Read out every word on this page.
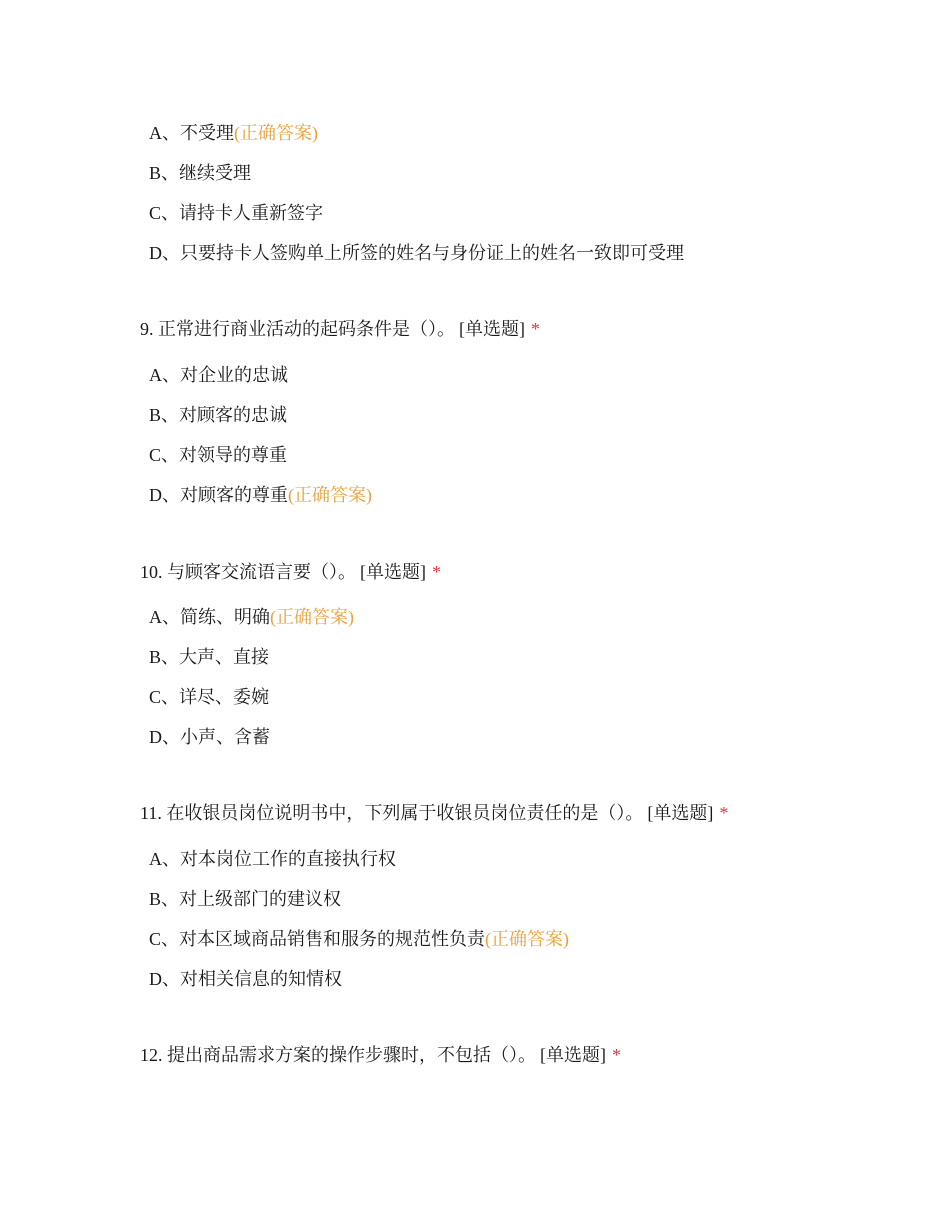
A、不受理(正确答案)
B、继续受理
C、请持卡人重新签字
D、只要持卡人签购单上所签的姓名与身份证上的姓名一致即可受理
9. 正常进行商业活动的起码条件是（）。 [单选题] *
A、对企业的忠诚
B、对顾客的忠诚
C、对领导的尊重
D、对顾客的尊重(正确答案)
10. 与顾客交流语言要（）。 [单选题] *
A、简练、明确(正确答案)
B、大声、直接
C、详尽、委婉
D、小声、含蓄
11. 在收银员岗位说明书中，下列属于收银员岗位责任的是（）。 [单选题] *
A、对本岗位工作的直接执行权
B、对上级部门的建议权
C、对本区域商品销售和服务的规范性负责(正确答案)
D、对相关信息的知情权
12. 提出商品需求方案的操作步骤时，不包括（）。 [单选题] *
